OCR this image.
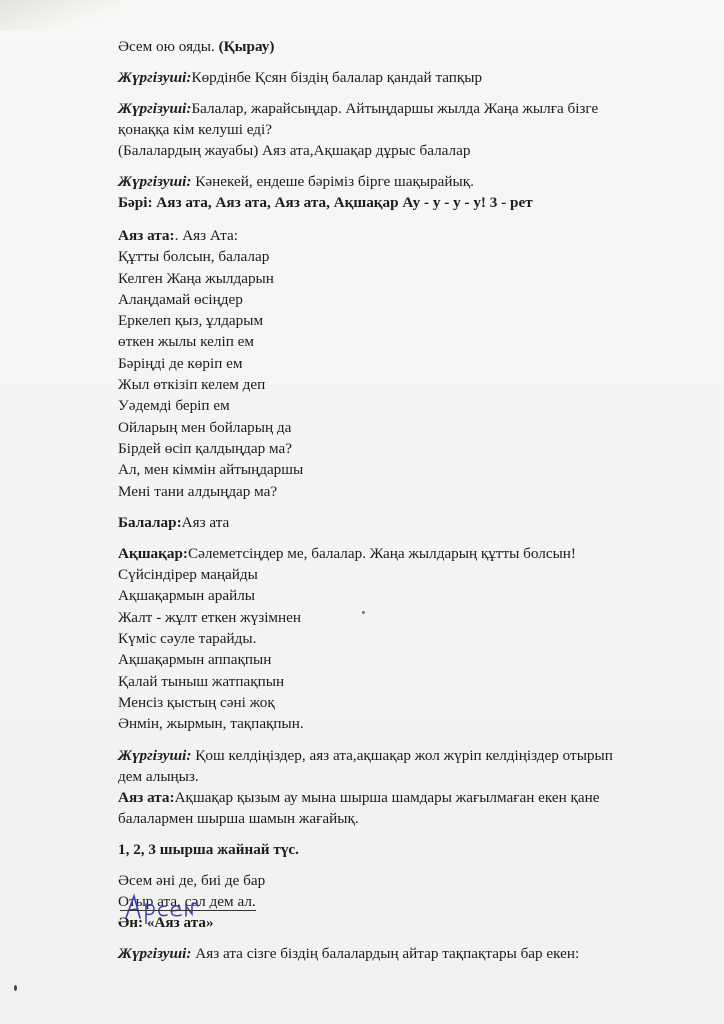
Әсем ою ояды. (Қырау)

Жүргізуші:Көрдінбе Қсян біздің балалар қандай тапқыр

Жүргізуші:Балалар, жарайсыңдар. Айтыңдаршы жылда Жаңа жылға бізге
қонаққа кім келуші еді?
(Балалардың жауабы) Аяз ата,Ақшақар дұрыс балалар

Жүргізуші: Кәнекей, ендеше бәріміз бірге шақырайық.
Бәрі: Аяз ата, Аяз ата, Аяз ата, Ақшақар Ау - у - у - у! 3 - рет

Аяз ата:. Аяз Ата:
Құтты болсын, балалар
Келген Жаңа жылдарын
Алаңдамай өсіңдер
Еркелеп қыз, ұлдарым
өткен жылы келіп ем
Бәріңді де көріп ем
Жыл өткізіп келем деп
Уәдемді беріп ем
Ойларың мен бойларың да
Бірдей өсіп қалдыңдар ма?
Ал, мен кіммін айтыңдаршы
Мені тани алдыңдар ма?

Балалар:Аяз ата

Ақшақар:Сәлеметсіңдер ме, балалар. Жаңа жылдарың құтты болсын!
Сүйсіндірер маңайды
Ақшақармын арайлы
Жалт - жұлт еткен жүзімнен
Күміс сәуле тарайды.
Ақшақармын аппақпын
Қалай тыныш жатпақпын
Менсіз қыстың сәні жоқ
Әнмін, жырмын, тақпақпын.

Жүргізуші: Қош келдіңіздер, аяз ата,ақшақар жол жүріп келдіңіздер отырып
дем алыңыз.
Аяз ата:Ақшақар қызым ау мына шырша шамдары жағылмаған екен қане
балалармен шырша шамын жағайық.

1, 2, 3 шырша жайнай түс.

Әсем әні де, биі де бар
Отыр ата, сәл дем ал.
Ән: «Аяз ата»

Жүргізуші: Аяз ата сізге біздің балалардың айтар тақпақтары бар екен:
